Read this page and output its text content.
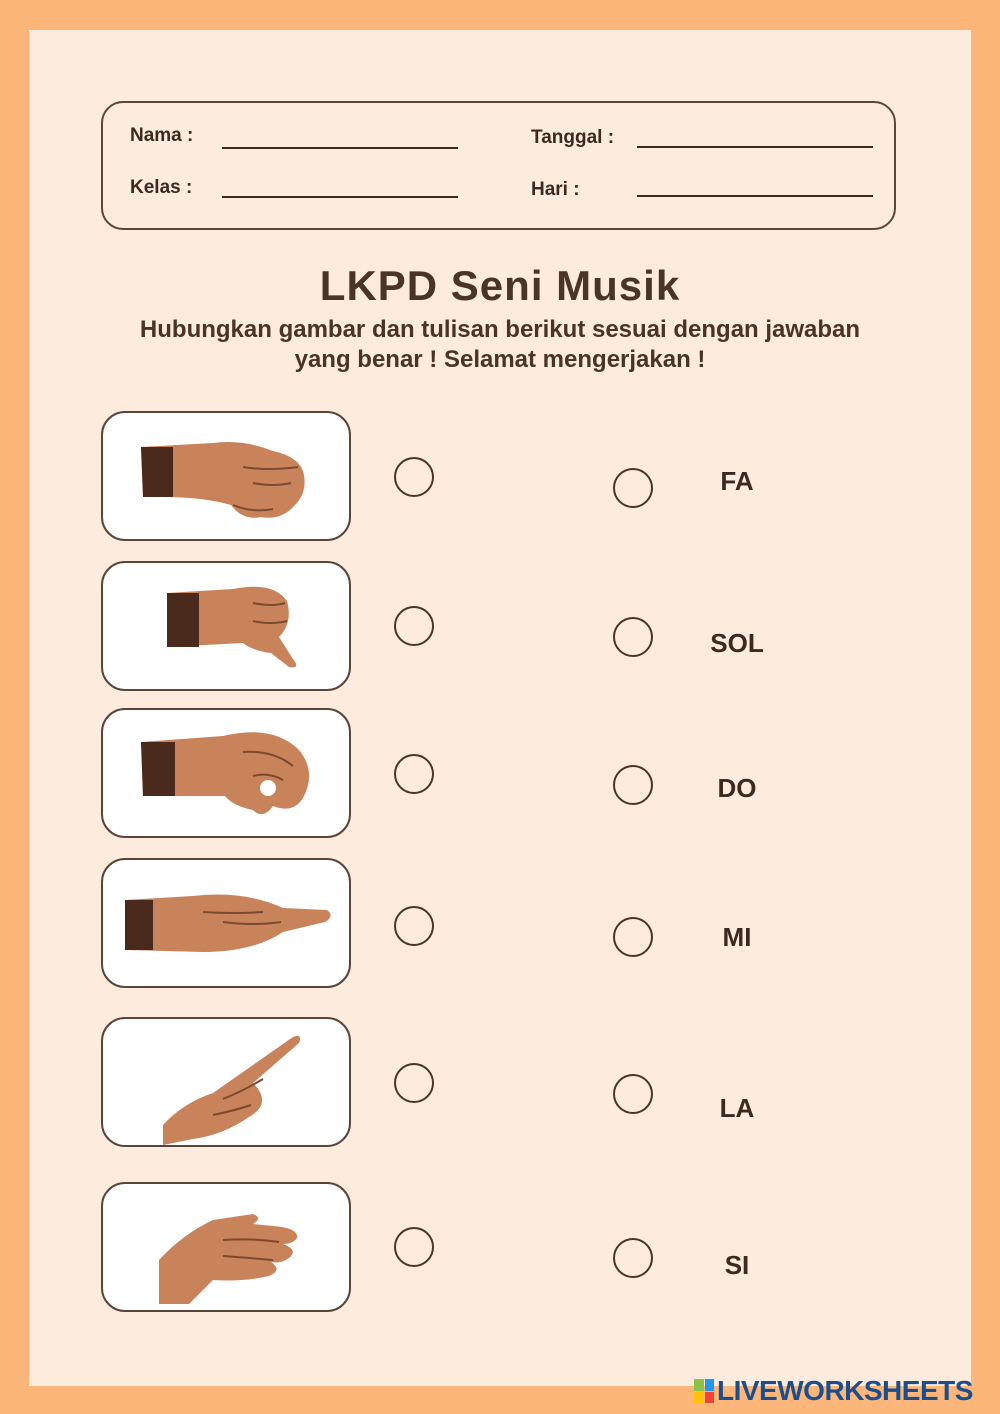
Nama :
Kelas :
Tanggal :
Hari :
LKPD Seni Musik
Hubungkan gambar dan tulisan berikut sesuai dengan jawaban
yang benar ! Selamat mengerjakan !
FA
SOL
DO
MI
LA
SI
LIVEWORKSHEETS
